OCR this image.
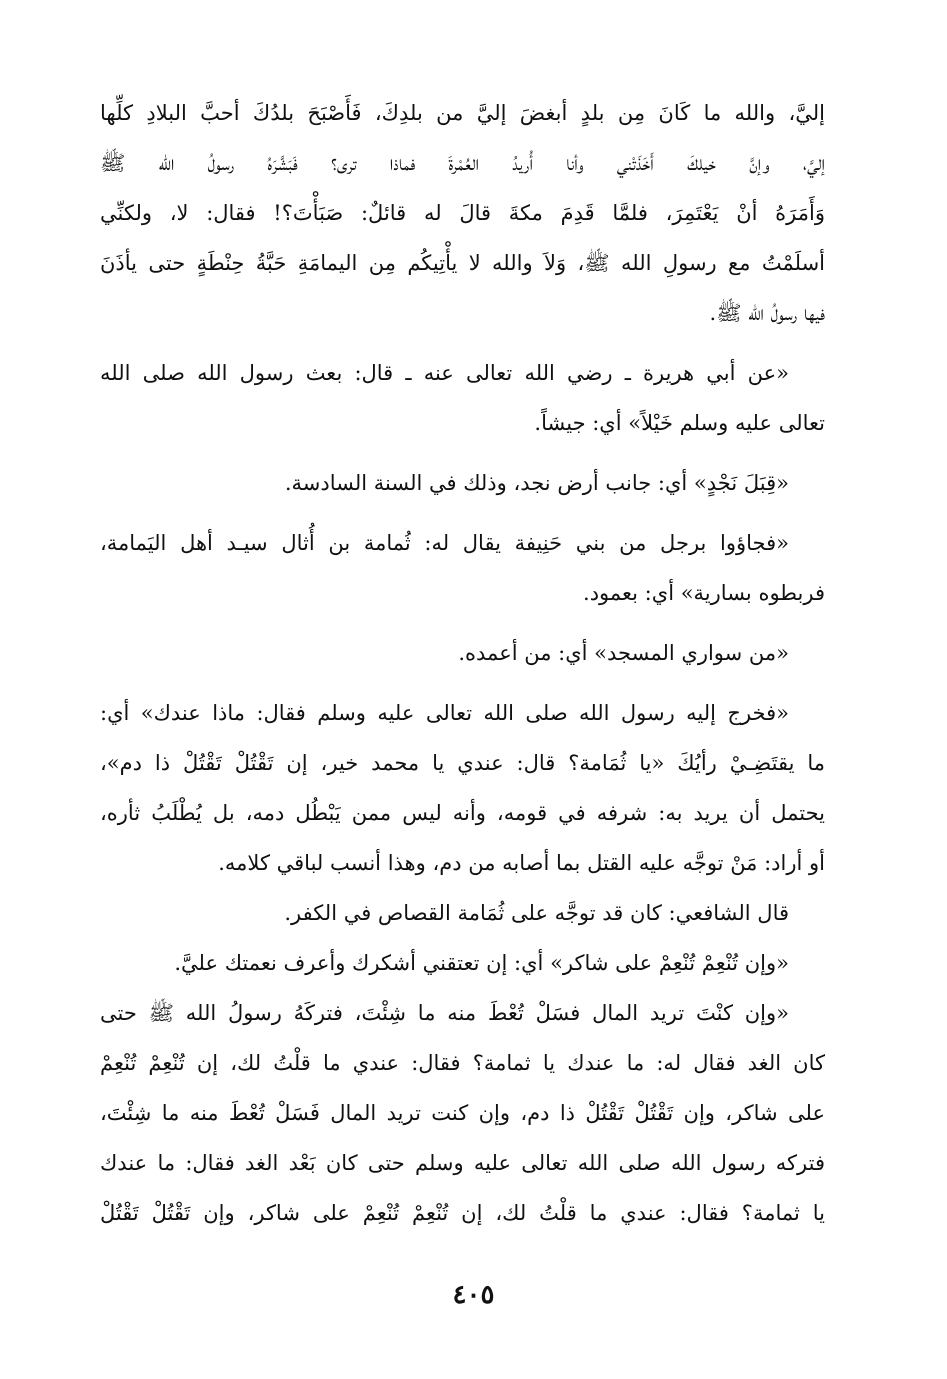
إليَّ، والله ما كَانَ مِن بلدٍ أبغضَ إليَّ من بلدِكَ، فَأَصْبَحَ بلدُكَ أحبَّ البلادِ كلِّها
إليَّ، وإنَّ خيلكَ أَخَذَتْني وأنا أُريدُ العُمْرةَ فماذا ترى؟ فَبَشَّرَهُ رسولُ الله ﷺ
وَأَمَرَهُ أنْ يَعْتَمِرَ، فلمَّا قَدِمَ مكةَ قالَ له قائلٌ: صَبَأْتَ؟! فقال: لا، ولكنِّي
أسلَمْتُ مع رسولِ الله ﷺ، وَلاَ والله لا يأْتِيكُم مِن اليمامَةِ حَبَّةُ حِنْطَةٍ حتى يأذَنَ
فيها رسولُ الله ﷺ.
«عن أبي هريرة ـ رضي الله تعالى عنه ـ قال: بعث رسول الله صلى الله
تعالى عليه وسلم خَيْلاً» أي: جيشاً.
«قِبَلَ نَجْدٍ» أي: جانب أرض نجد، وذلك في السنة السادسة.
«فجاؤوا برجل من بني حَنِيفة يقال له: ثُمامة بن أُثال سيـد أهل اليَمامة،
فربطوه بسارية» أي: بعمود.
«من سواري المسجد» أي: من أعمده.
«فخرج إليه رسول الله صلى الله تعالى عليه وسلم فقال: ماذا عندك» أي:
ما يقتَضِـيْ رأيُكَ «يا ثُمَامة؟ قال: عندي يا محمد خير، إن تَقْتُلْ تَقْتُلْ ذا دم»،
يحتمل أن يريد به: شرفه في قومه، وأنه ليس ممن يَبْطُل دمه، بل يُطْلَبُ ثأره،
أو أراد: مَنْ توجَّه عليه القتل بما أصابه من دم، وهذا أنسب لباقي كلامه.
قال الشافعي: كان قد توجَّه على ثُمَامة القصاص في الكفر.
«وإن تُنْعِمْ تُنْعِمْ على شاكر» أي: إن تعتقني أشكرك وأعرف نعمتك عليَّ.
«وإن كنْتَ تريد المال فسَلْ تُعْطَ منه ما شِئْتَ، فتركَهُ رسولُ الله ﷺ حتى
كان الغد فقال له: ما عندك يا ثمامة؟ فقال: عندي ما قلْتُ لك، إن تُنْعِمْ تُنْعِمْ
على شاكر، وإن تَقْتُلْ تَقْتُلْ ذا دم، وإن كنت تريد المال فَسَلْ تُعْطَ منه ما شِئْتَ،
فتركه رسول الله صلى الله تعالى عليه وسلم حتى كان بَعْد الغد فقال: ما عندك
يا ثمامة؟ فقال: عندي ما قلْتُ لك، إن تُنْعِمْ تُنْعِمْ على شاكر، وإن تَقْتُلْ تَقْتُلْ
٤٠٥
